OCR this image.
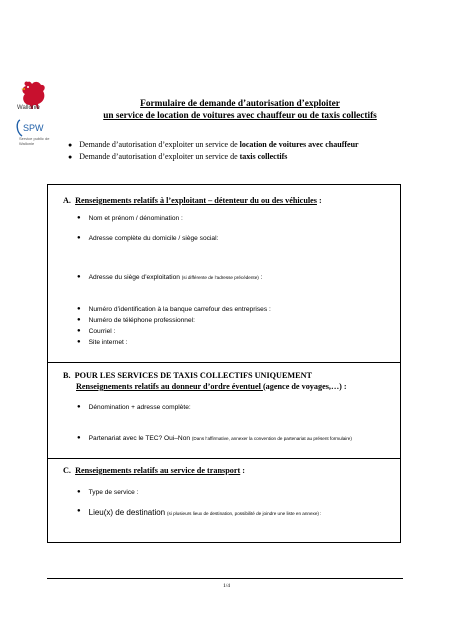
Wallonie
SPW
Service public de Wallonie
Formulaire de demande d’autorisation d’exploiter
un service de location de voitures avec chauffeur ou de taxis collectifs
● Demande d’autorisation d’exploiter un service de location de voitures avec chauffeur
● Demande d’autorisation d’exploiter un service de taxis collectifs
A. Renseignements relatifs à l’exploitant – détenteur du ou des véhicules :
● Nom et prénom / dénomination :
● Adresse complète du domicile / siège social:
● Adresse du siège d’exploitation (si différente de l’adresse précédente) :
● Numéro d’identification à la banque carrefour des entreprises :
● Numéro de téléphone professionnel:
● Courriel :
● Site internet :
B. POUR LES SERVICES DE TAXIS COLLECTIFS UNIQUEMENT
Renseignements relatifs au donneur d’ordre éventuel (agence de voyages,…) :
● Dénomination + adresse complète:
● Partenariat avec le TEC? Oui–Non (Dans l’affirmative, annexer la convention de partenariat au présent formulaire)
C. Renseignements relatifs au service de transport :
● Type de service :
● Lieu(x) de destination (si plusieurs lieux de destination, possibilité de joindre une liste en annexe) :
1/4
